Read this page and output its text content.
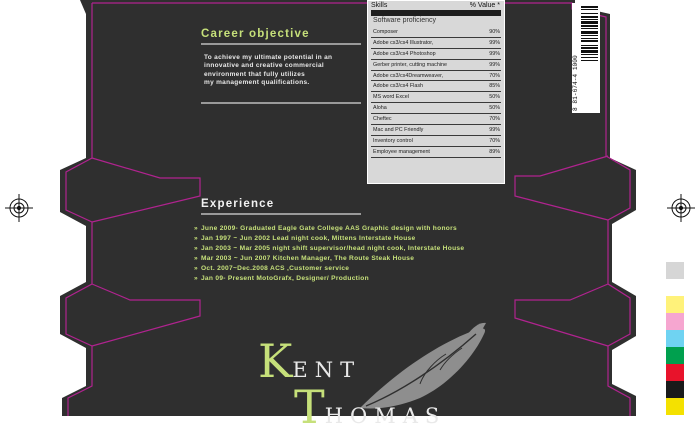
Career objective
To achieve my ultimate potential in an
innovative and creative commercial
environment that fully utilizes
my management qualifications.
Skills	% Value *
Software proficiency
Composer	90%
Adobe cs3/cs4 Illustrator,	99%
Adobe cs3/cs4 Photoshop	99%
Gerber printer, cutting machine	99%
Adobe cs3/cs4Dreamweaver,	70%
Adobe cs3/cs4 Flash	85%
MS word Excel	50%
Aloha	50%
Cheftec	70%
Mac and PC Friendly	99%
Inventory control	70%
Employee management	89%
8 81-674-4 1000
Experience
» June 2009- Graduated Eagle Gate College AAS Graphic design with honors
» Jan 1997 ~ Jun 2002 Lead night cook, Mittens Interstate House
» Jan 2003 ~ Mar 2005 night shift supervisor/head night cook, Interstate House
» Mar 2003 ~ Jun 2007 Kitchen Manager, The Route Steak House
» Oct. 2007~Dec.2008 ACS ,Customer service
» Jan 09- Present MotoGrafx, Designer/ Production
KENT
THOMAS
